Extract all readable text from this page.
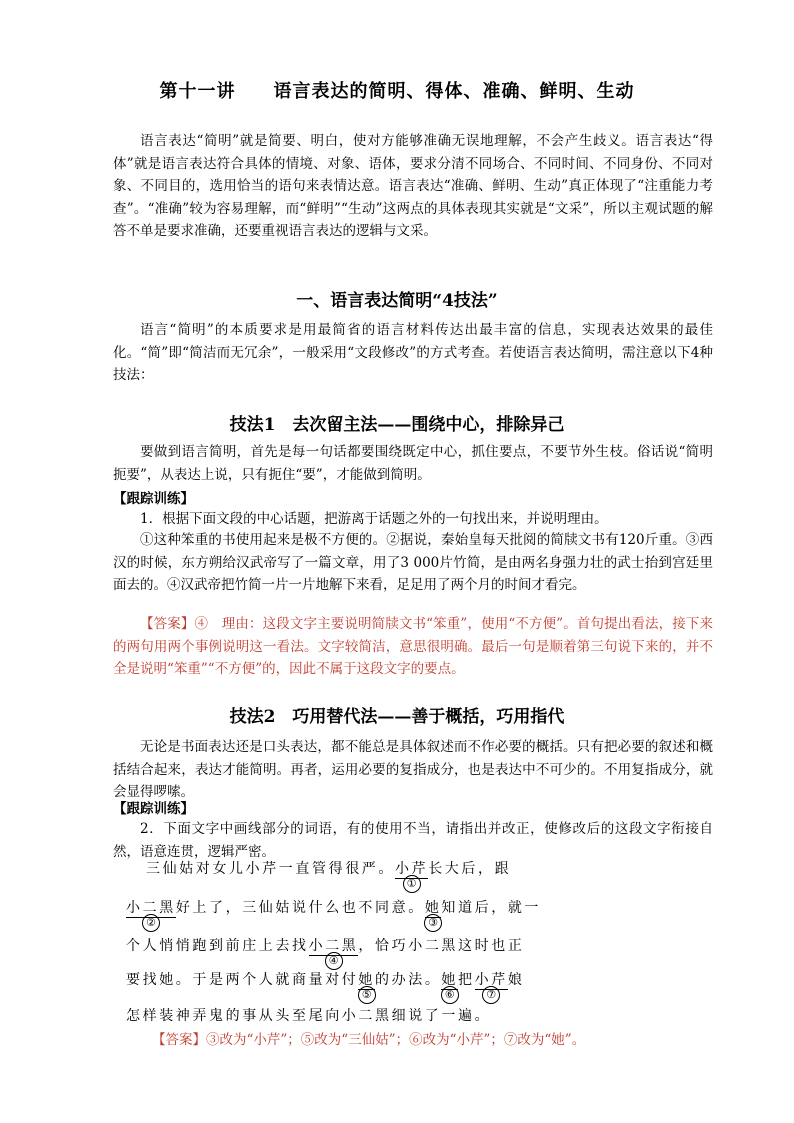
第十一讲　　语言表达的简明、得体、准确、鲜明、生动

语言表达“简明”就是简要、明白，使对方能够准确无误地理解，不会产生歧义。语言表达“得体”就是语言表达符合具体的情境、对象、语体，要求分清不同场合、不同时间、不同身份、不同对象、不同目的，选用恰当的语句来表情达意。语言表达“准确、鲜明、生动”真正体现了“注重能力考查”。“准确”较为容易理解，而“鲜明”“生动”这两点的具体表现其实就是“文采”，所以主观试题的解答不单是要求准确，还要重视语言表达的逻辑与文采。

一、语言表达简明“4技法”

语言“简明”的本质要求是用最简省的语言材料传达出最丰富的信息，实现表达效果的最佳化。“简”即“简洁而无冗余”，一般采用“文段修改”的方式考查。若使语言表达简明，需注意以下4种技法：

技法1　去次留主法——围绕中心，排除异己

要做到语言简明，首先是每一句话都要围绕既定中心，抓住要点，不要节外生枝。俗话说“简明扼要”，从表达上说，只有扼住“要”，才能做到简明。

【跟踪训练】

1．根据下面文段的中心话题，把游离于话题之外的一句找出来，并说明理由。

①这种笨重的书使用起来是极不方便的。②据说，秦始皇每天批阅的简牍文书有120斤重。③西汉的时候，东方朔给汉武帝写了一篇文章，用了3 000片竹简，是由两名身强力壮的武士抬到宫廷里面去的。④汉武帝把竹简一片一片地解下来看，足足用了两个月的时间才看完。

【答案】④　理由：这段文字主要说明简牍文书“笨重”，使用“不方便”。首句提出看法，接下来的两句用两个事例说明这一看法。文字较简洁，意思很明确。最后一句是顺着第三句说下来的，并不全是说明“笨重”“不方便”的，因此不属于这段文字的要点。

技法2　巧用替代法——善于概括，巧用指代

无论是书面表达还是口头表达，都不能总是具体叙述而不作必要的概括。只有把必要的叙述和概括结合起来，表达才能简明。再者，运用必要的复指成分，也是表达中不可少的。不用复指成分，就会显得啰嗦。

【跟踪训练】

2．下面文字中画线部分的词语，有的使用不当，请指出并改正，使修改后的这段文字衔接自然，语意连贯，逻辑严密。

三仙姑对女儿小芹一直管得很严。小芹
①
长大后，跟
小二黑
②
好上了，三仙姑说什么也不同意。她
③
知道后，就一
个人悄悄跑到前庄上去找小二黑
④
，恰巧小二黑这时也正
要找她。于是两个人就商量对付她
⑤
的办法。她
⑥
把小芹
⑦
娘
怎样装神弄鬼的事从头至尾向小二黑细说了一遍。
【答案】③改为“小芹”；⑤改为“三仙姑”；⑥改为“小芹”；⑦改为“她”。
